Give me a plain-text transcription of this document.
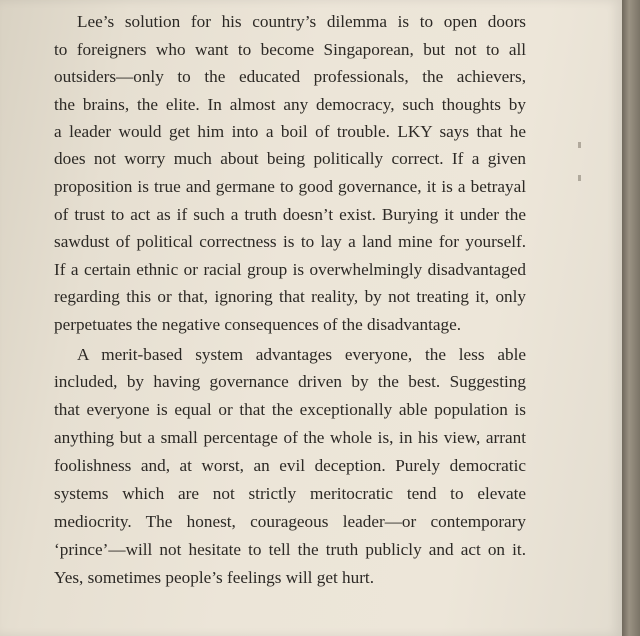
Lee’s solution for his country’s dilemma is to open doors
to foreigners who want to become Singaporean, but not to all
outsiders—only to the educated professionals, the achievers,
the brains, the elite. In almost any democracy, such thoughts by
a leader would get him into a boil of trouble. LKY says that he
does not worry much about being politically correct. If a given
proposition is true and germane to good governance, it is a betrayal
of trust to act as if such a truth doesn’t exist. Burying it under the
sawdust of political correctness is to lay a land mine for yourself.
If a certain ethnic or racial group is overwhelmingly disadvantaged
regarding this or that, ignoring that reality, by not treating it, only
perpetuates the negative consequences of the disadvantage.
A merit-based system advantages everyone, the less able
included, by having governance driven by the best. Suggesting
that everyone is equal or that the exceptionally able population is
anything but a small percentage of the whole is, in his view, arrant
foolishness and, at worst, an evil deception. Purely democratic
systems which are not strictly meritocratic tend to elevate
mediocrity. The honest, courageous leader—or contemporary
‘prince’—will not hesitate to tell the truth publicly and act on it.
Yes, sometimes people’s feelings will get hurt.
